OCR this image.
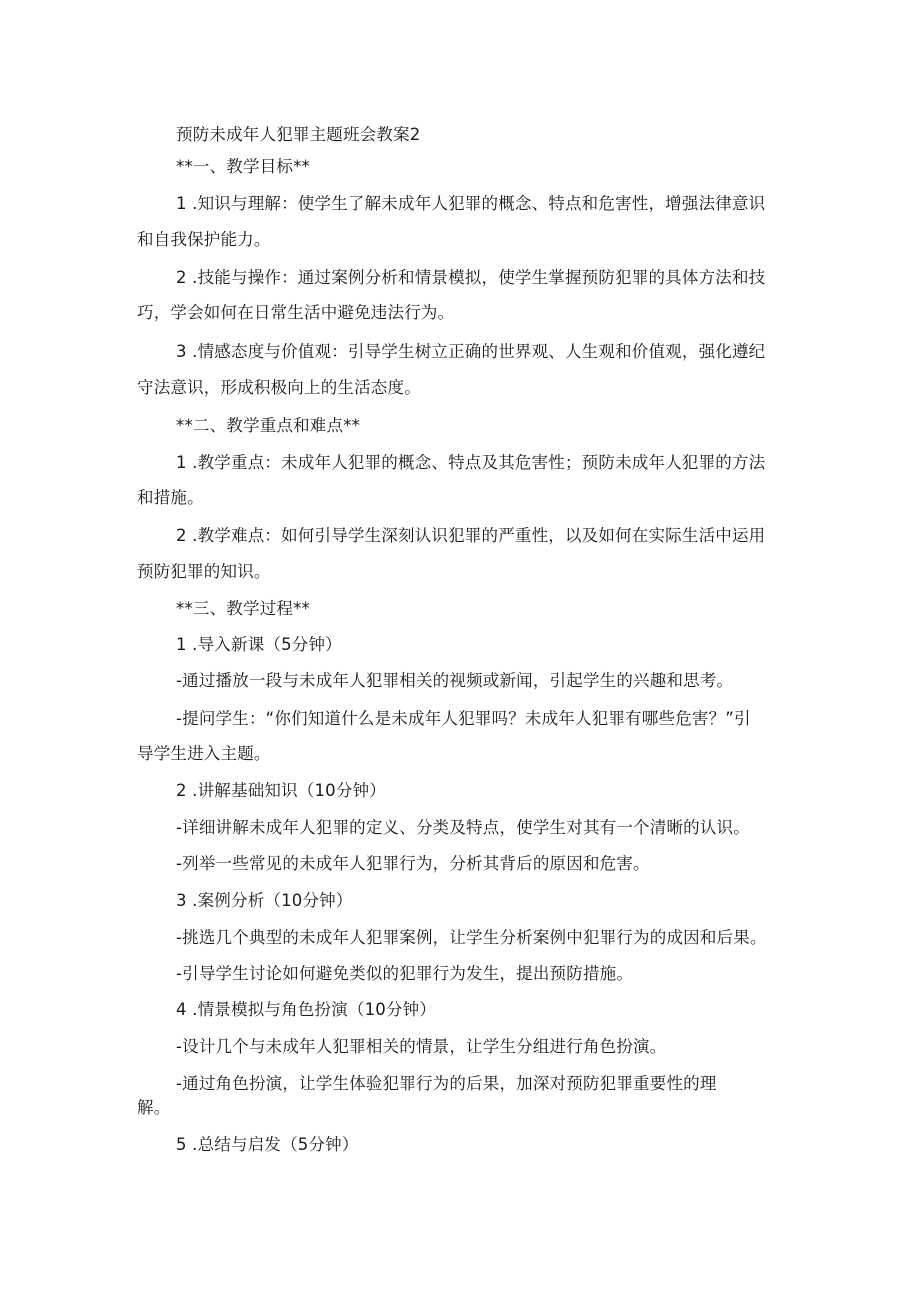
预防未成年人犯罪主题班会教案2
**一、教学目标**
1 .知识与理解：使学生了解未成年人犯罪的概念、特点和危害性，增强法律意识
和自我保护能力。
2 .技能与操作：通过案例分析和情景模拟，使学生掌握预防犯罪的具体方法和技
巧，学会如何在日常生活中避免违法行为。
3 .情感态度与价值观：引导学生树立正确的世界观、人生观和价值观，强化遵纪
守法意识，形成积极向上的生活态度。
**二、教学重点和难点**
1 .教学重点：未成年人犯罪的概念、特点及其危害性；预防未成年人犯罪的方法
和措施。
2 .教学难点：如何引导学生深刻认识犯罪的严重性，以及如何在实际生活中运用
预防犯罪的知识。
**三、教学过程**
1 .导入新课（5分钟）
-通过播放一段与未成年人犯罪相关的视频或新闻，引起学生的兴趣和思考。
-提问学生：“你们知道什么是未成年人犯罪吗？未成年人犯罪有哪些危害？”引
导学生进入主题。
2 .讲解基础知识（10分钟）
-详细讲解未成年人犯罪的定义、分类及特点，使学生对其有一个清晰的认识。
-列举一些常见的未成年人犯罪行为，分析其背后的原因和危害。
3 .案例分析（10分钟）
-挑选几个典型的未成年人犯罪案例，让学生分析案例中犯罪行为的成因和后果。
-引导学生讨论如何避免类似的犯罪行为发生，提出预防措施。
4 .情景模拟与角色扮演（10分钟）
-设计几个与未成年人犯罪相关的情景，让学生分组进行角色扮演。
-通过角色扮演，让学生体验犯罪行为的后果，加深对预防犯罪重要性的理
解。
5 .总结与启发（5分钟）
